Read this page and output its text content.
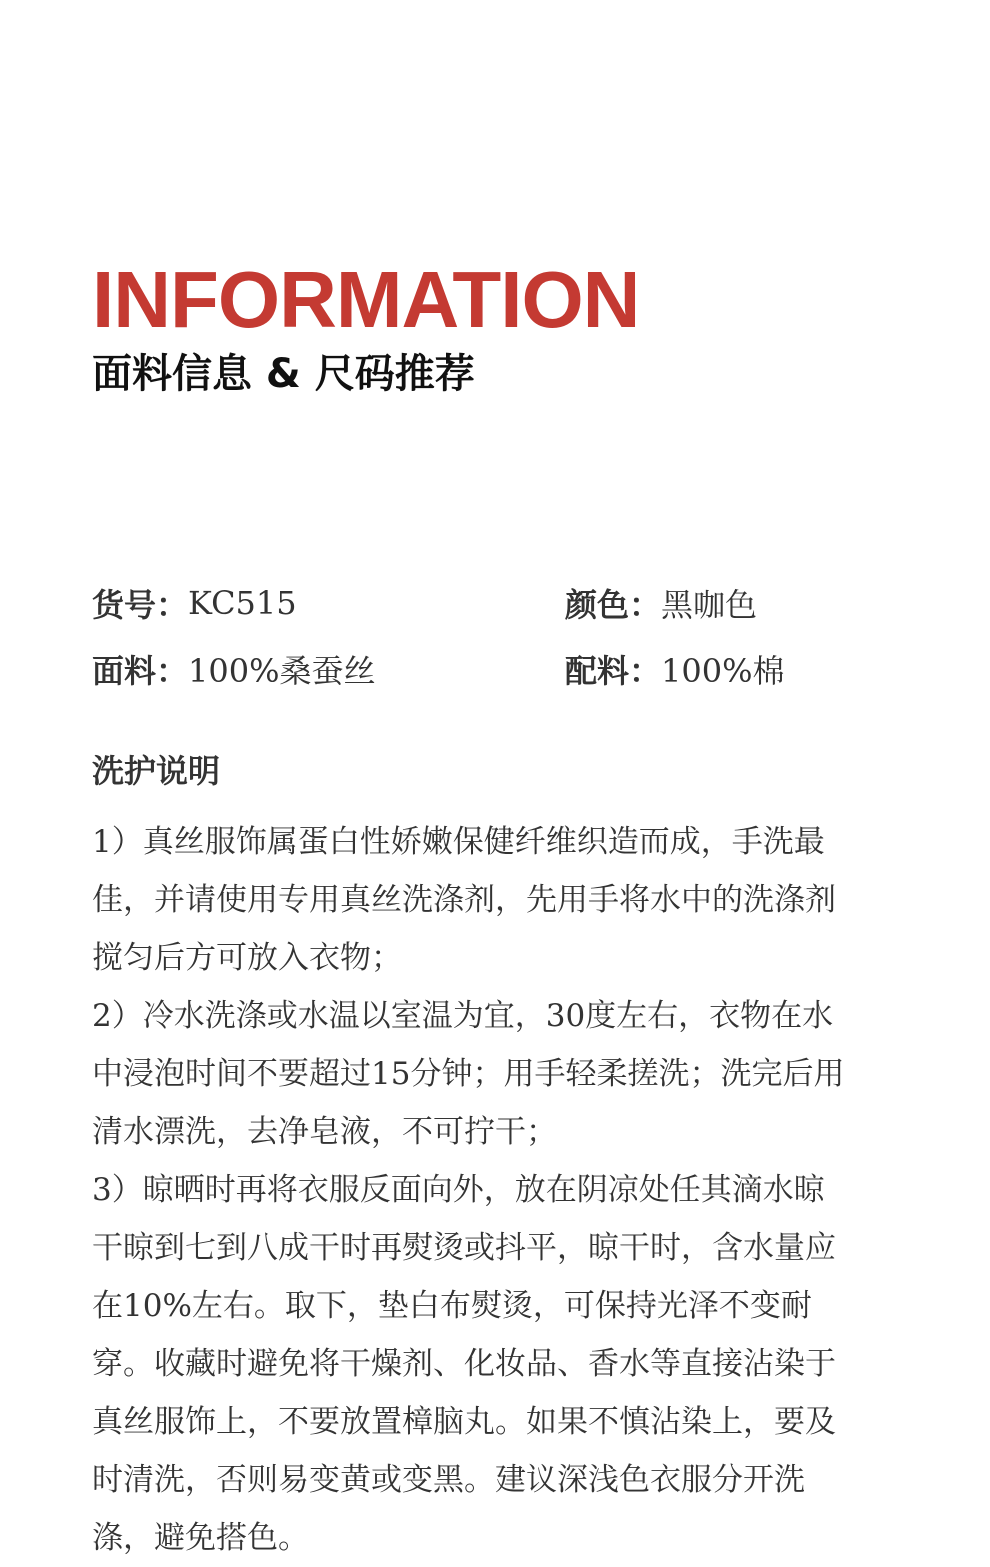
INFORMATION
面料信息 & 尺码推荐
货号： KC515	颜色： 黑咖色
面料： 100%桑蚕丝	配料： 100%棉
洗护说明
1）真丝服饰属蛋白性娇嫩保健纤维织造而成，手洗最
佳，并请使用专用真丝洗涤剂，先用手将水中的洗涤剂
搅匀后方可放入衣物；
2）冷水洗涤或水温以室温为宜，30度左右，衣物在水
中浸泡时间不要超过15分钟；用手轻柔搓洗；洗完后用
清水漂洗，去净皂液，不可拧干；
3）晾晒时再将衣服反面向外，放在阴凉处任其滴水晾
干晾到七到八成干时再熨烫或抖平，晾干时，含水量应
在10%左右。取下，垫白布熨烫，可保持光泽不变耐
穿。收藏时避免将干燥剂、化妆品、香水等直接沾染于
真丝服饰上，不要放置樟脑丸。如果不慎沾染上，要及
时清洗，否则易变黄或变黑。建议深浅色衣服分开洗
涤，避免搭色。
